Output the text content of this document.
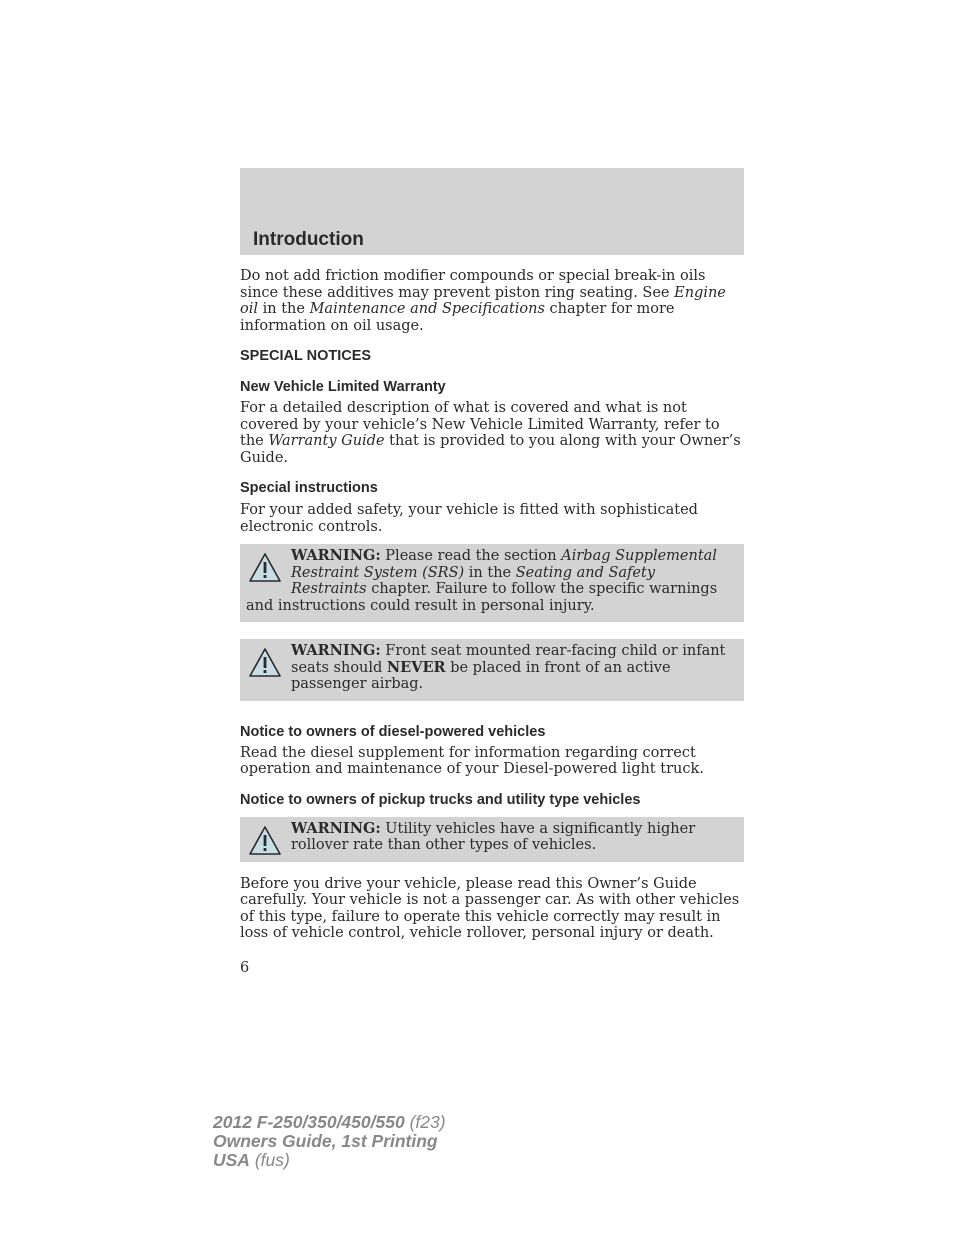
Introduction

Do not add friction modifier compounds or special break-in oils since these additives may prevent piston ring seating. See Engine oil in the Maintenance and Specifications chapter for more information on oil usage.

SPECIAL NOTICES
New Vehicle Limited Warranty

For a detailed description of what is covered and what is not covered by your vehicle’s New Vehicle Limited Warranty, refer to the Warranty Guide that is provided to you along with your Owner’s Guide.

Special instructions

For your added safety, your vehicle is fitted with sophisticated electronic controls.

WARNING: Please read the section Airbag Supplemental Restraint System (SRS) in the Seating and Safety Restraints chapter. Failure to follow the specific warnings and instructions could result in personal injury.

WARNING: Front seat mounted rear-facing child or infant seats should NEVER be placed in front of an active passenger airbag.

Notice to owners of diesel-powered vehicles

Read the diesel supplement for information regarding correct operation and maintenance of your Diesel-powered light truck.

Notice to owners of pickup trucks and utility type vehicles

WARNING: Utility vehicles have a significantly higher rollover rate than other types of vehicles.

Before you drive your vehicle, please read this Owner’s Guide carefully. Your vehicle is not a passenger car. As with other vehicles of this type, failure to operate this vehicle correctly may result in loss of vehicle control, vehicle rollover, personal injury or death.

6
2012 F-250/350/450/550 (f23)
Owners Guide, 1st Printing
USA (fus)
